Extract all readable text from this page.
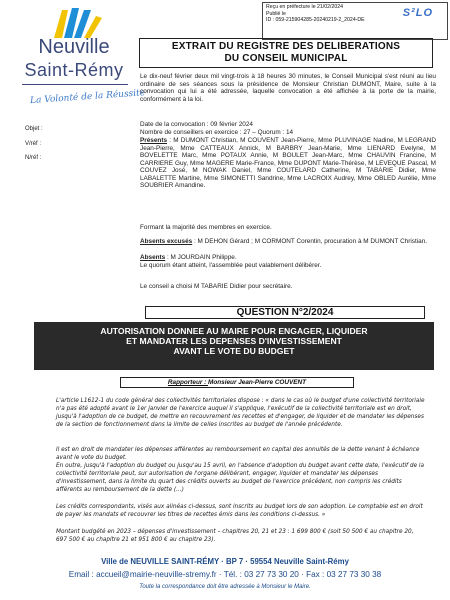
Reçu en préfecture le 21/02/2024
Publié le
ID : 059-215904285-20240219-2_2024-DE
S²LO
Neuville
Saint-Rémy
La Volonté de la Réussite
Objet :
V/réf :
N/réf :
EXTRAIT DU REGISTRE DES DELIBERATIONS
DU CONSEIL MUNICIPAL
Le dix-neuf février deux mil vingt-trois à 18 heures 30 minutes, le Conseil Municipal s'est réuni au lieu ordinaire de ses séances sous la présidence de Monsieur Christian DUMONT, Maire, suite à la convocation qui lui a été adressée, laquelle convocation a été affichée à la porte de la mairie, conformément à la loi.
Date de la convocation : 09 février 2024
Nombre de conseillers en exercice : 27 – Quorum : 14
Présents : M DUMONT Christian, M COUVENT Jean-Pierre, Mme PLUVINAGE Nadine, M LEGRAND Jean-Pierre, Mme CATTEAUX Annick, M BARBRY Jean-Marie, Mme LIENARD Evelyne, M BOVELETTE Marc, Mme POTAUX Annie, M BOULET Jean-Marc, Mme CHAUVIN Francine, M CARRIERE Guy, Mme MAGERE Marie-France, Mme DUPONT Marie-Thérèse, M LEVEQUE Pascal, M COUVEZ José, M NOWAK Daniel, Mme COUTELARD Catherine, M TABARIE Didier, Mme LABALETTE Martine, Mme SIMONETTI Sandrine, Mme LACROIX Audrey, Mme OBLED Aurélie, Mme SOUBRIER Amandine.
Formant la majorité des membres en exercice.
Absents excusés : M DEHON Gérard ; M CORMONT Corentin, procuration à M DUMONT Christian.
Absents : M JOURDAIN Philippe.
Le quorum étant atteint, l'assemblée peut valablement délibérer.
Le conseil a choisi M TABARIE Didier pour secrétaire.
QUESTION N°2/2024
AUTORISATION DONNEE AU MAIRE POUR ENGAGER, LIQUIDER
ET MANDATER LES DEPENSES D'INVESTISSEMENT
AVANT LE VOTE DU BUDGET
Rapporteur : Monsieur Jean-Pierre COUVENT
L'article L1612-1 du code général des collectivités territoriales dispose : « dans le cas où le budget d'une collectivité territoriale n'a pas été adopté avant le 1er janvier de l'exercice auquel il s'applique, l'exécutif de la collectivité territoriale est en droit, jusqu'à l'adoption de ce budget, de mettre en recouvrement les recettes et d'engager, de liquider et de mandater les dépenses de la section de fonctionnement dans la limite de celles inscrites au budget de l'année précédente.
Il est en droit de mandater les dépenses afférentes au remboursement en capital des annuités de la dette venant à échéance avant le vote du budget.
En outre, jusqu'à l'adoption du budget ou jusqu'au 15 avril, en l'absence d'adoption du budget avant cette date, l'exécutif de la collectivité territoriale peut, sur autorisation de l'organe délibérant, engager, liquider et mandater les dépenses d'investissement, dans la limite du quart des crédits ouverts au budget de l'exercice précédent, non compris les crédits afférents au remboursement de la dette (...)
Les crédits correspondants, visés aux alinéas ci-dessus, sont inscrits au budget lors de son adoption. Le comptable est en droit de payer les mandats et recouvrer les titres de recettes émis dans les conditions ci-dessus. »
Montant budgété en 2023 – dépenses d'investissement – chapitres 20, 21 et 23 : 1 699 800 € (soit 50 500 € au chapitre 20, 697 500 € au chapitre 21 et 951 800 € au chapitre 23).
Ville de NEUVILLE SAINT-RÉMY · BP 7 · 59554 Neuville Saint-Rémy
Email : accueil@mairie-neuville-stremy.fr · Tél. : 03 27 73 30 20 · Fax : 03 27 73 30 38
Toute la correspondance doit être adressée à Monsieur le Maire.
